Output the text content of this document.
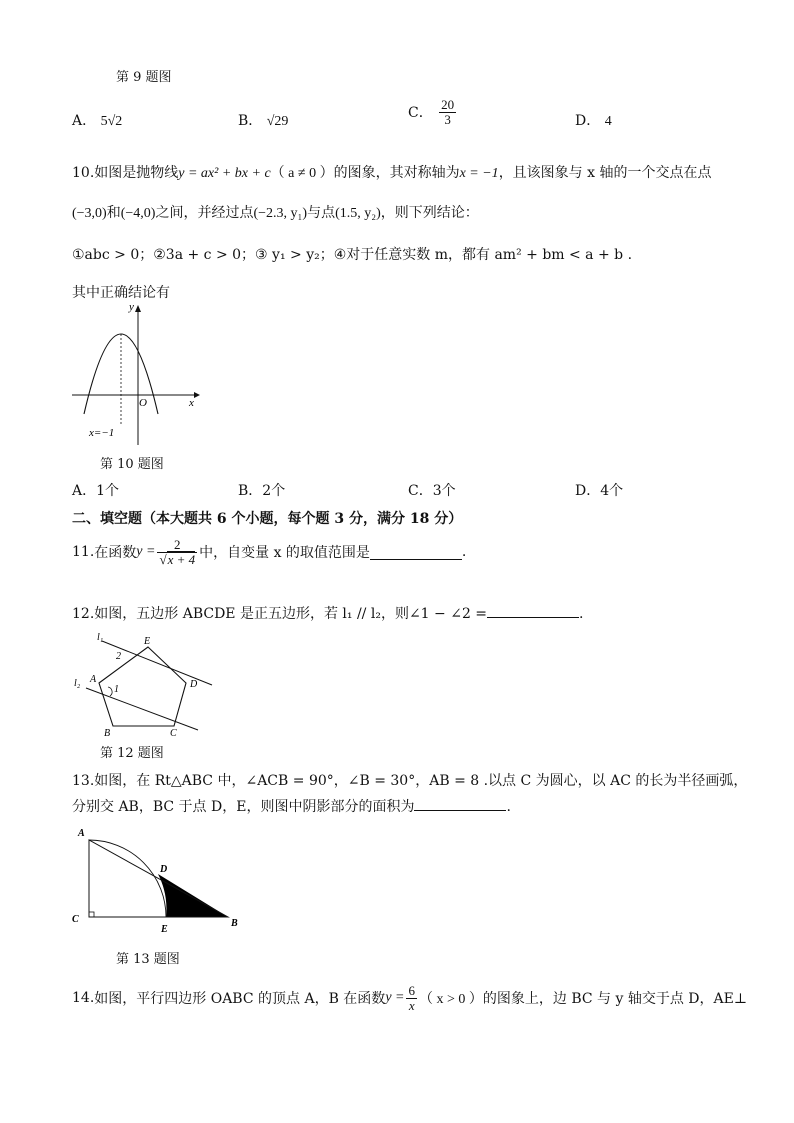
第 9 题图
A． 5√2	B． √29
C． $\frac{20}{3}$	D． 4
10.如图是抛物线y = ax² + bx + c（ a ≠ 0 ）的图象，其对称轴为x = −1，且该图象与 x 轴的一个交点在点
(−3,0)和(−4,0)之间，并经过点(−2.3, y₁)与点(1.5, y₂)，则下列结论：
①abc > 0；②3a + c > 0；③ y₁ > y₂；④对于任意实数 m，都有 am² + bm < a + b .
其中正确结论有
y
x
O
x=−1
第 10 题图
A．1个	B．2个	C．3个	D．4个
二、填空题（本大题共 6 个小题，每个题 3 分，满分 18 分）
11.在函数$y = \frac{2}{√x + 4}$ 中，自变量 x 的取值范围是	.
12.如图，五边形 ABCDE 是正五边形，若 l₁ // l₂，则∠1 − ∠2 =	.
l₁
l₂
E
D
A
B	C
1
2
第 12 题图
13.如图，在 Rt△ABC 中，∠ACB = 90°，∠B = 30°，AB = 8 .以点 C 为圆心，以 AC 的长为半径画弧，
分别交 AB，BC 于点 D，E，则图中阴影部分的面积为	.
A
C	B
D
E
第 13 题图
14.如图，平行四边形 OABC 的顶点 A，B 在函数$y = \frac{6}{x}$ （ x > 0 ）的图象上，边 BC 与 y 轴交于点 D，AE⊥
